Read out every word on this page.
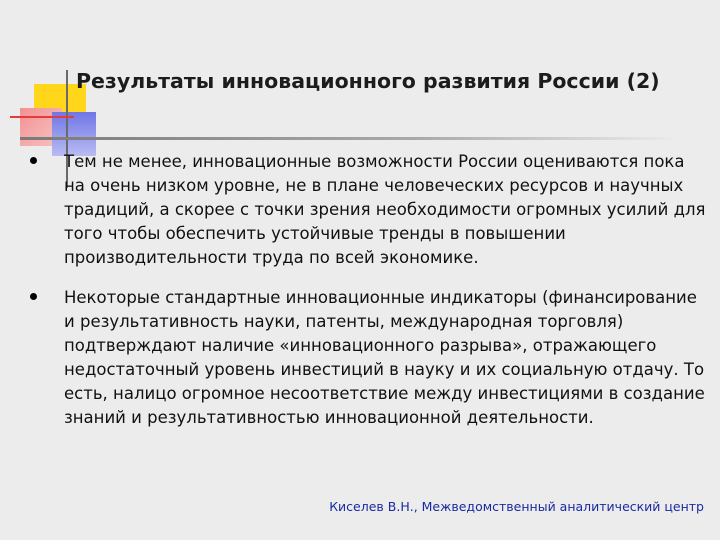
Результаты инновационного развития России (2)
Тем не менее, инновационные возможности России оцениваются пока на очень низком уровне, не в плане человеческих ресурсов и научных традиций, а скорее с точки зрения необходимости огромных усилий для того чтобы обеспечить устойчивые тренды в повышении производительности труда по всей экономике.
Некоторые стандартные инновационные индикаторы (финансирование и результативность науки, патенты, международная торговля) подтверждают наличие «инновационного разрыва», отражающего недостаточный уровень инвестиций в науку и их социальную отдачу. То есть, налицо огромное несоответствие между инвестициями в создание знаний и результативностью инновационной деятельности.
Киселев В.Н., Межведомственный аналитический центр
